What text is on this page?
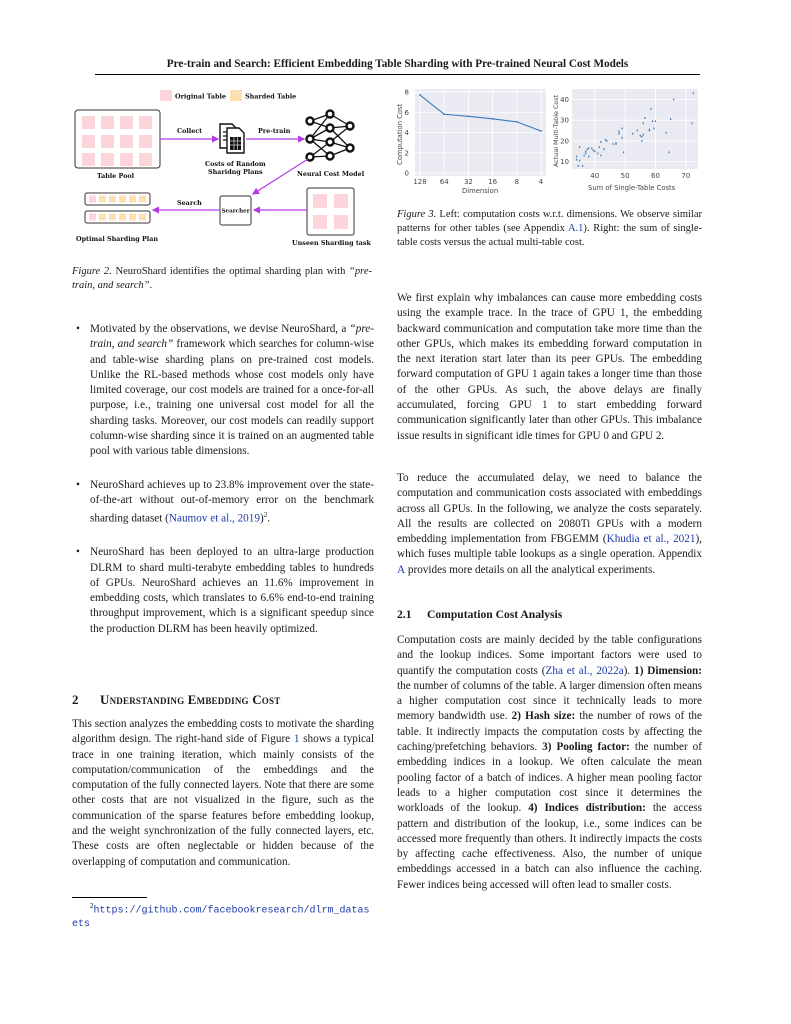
Pre-train and Search: Efficient Embedding Table Sharding with Pre-trained Neural Cost Models
Original Table	Sharded Table
Table Pool
Collect
Costs of Random
Sharidng Plans
Pre-train
Neural Cost Model
Searcher
Unseen Sharding task
Search
Optimal Sharding Plan
128 64 32 16	8	4
0
2
4
6
8
Dimension
Computation Cost
40	50	60	70
10
20
30
40
Sum of Single-Table Costs
Actual Multi-Table Cost
Figure 3. Left: computation costs w.r.t. dimensions. We observe similar patterns for other tables (see Appendix A.1). Right: the sum of single-table costs versus the actual multi-table cost.
Figure 2. NeuroShard identifies the optimal sharding plan with “pre-train, and search”.
• Motivated by the observations, we devise NeuroShard, a “pre-train, and search” framework which searches for column-wise and table-wise sharding plans on pre-trained cost models. Unlike the RL-based methods whose cost models only have limited coverage, our cost models are trained for a once-for-all purpose, i.e., training one universal cost model for all the sharding tasks. Moreover, our cost models can readily support column-wise sharding since it is trained on an augmented table pool with various table dimensions.
• NeuroShard achieves up to 23.8% improvement over the state-of-the-art without out-of-memory error on the benchmark sharding dataset (Naumov et al., 2019)$^2$.
• NeuroShard has been deployed to an ultra-large production DLRM to shard multi-terabyte embedding tables to hundreds of GPUs. NeuroShard achieves an 11.6% improvement in embedding costs, which translates to 6.6% end-to-end training throughput improvement, which is a significant speedup since the production DLRM has been heavily optimized.
2 Understanding Embedding Cost

This section analyzes the embedding costs to motivate the sharding algorithm design. The right-hand side of Figure 1 shows a typical trace in one training iteration, which mainly consists of the computation/communication of the embeddings and the computation of the fully connected layers. Note that there are some other costs that are not visualized in the figure, such as the communication of the sparse features before embedding lookup, and the weight synchronization of the fully connected layers, etc. These costs are often neglectable or hidden because of the overlapping of computation and communication.

$^2$https://github.com/facebookresearch/dlrm_datasets

We first explain why imbalances can cause more embedding costs using the example trace. In the trace of GPU 1, the embedding backward communication and computation take more time than the other GPUs, which makes its embedding forward computation in the next iteration start later than its peer GPUs. The embedding forward computation of GPU 1 again takes a longer time than those of the other GPUs. As such, the above delays are finally accumulated, forcing GPU 1 to start embedding forward communication significantly later than other GPUs. This imbalance issue results in significant idle times for GPU 0 and GPU 2.

To reduce the accumulated delay, we need to balance the computation and communication costs associated with embeddings across all GPUs. In the following, we analyze the costs separately. All the results are collected on 2080Ti GPUs with a modern embedding implementation from FBGEMM (Khudia et al., 2021), which fuses multiple table lookups as a single operation. Appendix A provides more details on all the analytical experiments.

2.1 Computation Cost Analysis

Computation costs are mainly decided by the table configurations and the lookup indices. Some important factors were used to quantify the computation costs (Zha et al., 2022a). 1) Dimension: the number of columns of the table. A larger dimension often means a higher computation cost since it technically leads to more memory bandwidth use. 2) Hash size: the number of rows of the table. It indirectly impacts the computation costs by affecting the caching/prefetching behaviors. 3) Pooling factor: the number of embedding indices in a lookup. We often calculate the mean pooling factor of a batch of indices. A higher mean pooling factor leads to a higher computation cost since it determines the workloads of the lookup. 4) Indices distribution: the access pattern and distribution of the lookup, i.e., some indices can be accessed more frequently than others. It indirectly impacts the costs by affecting cache effectiveness. Also, the number of unique embeddings accessed in a batch can also influence the caching. Fewer indices being accessed will often lead to smaller costs.
